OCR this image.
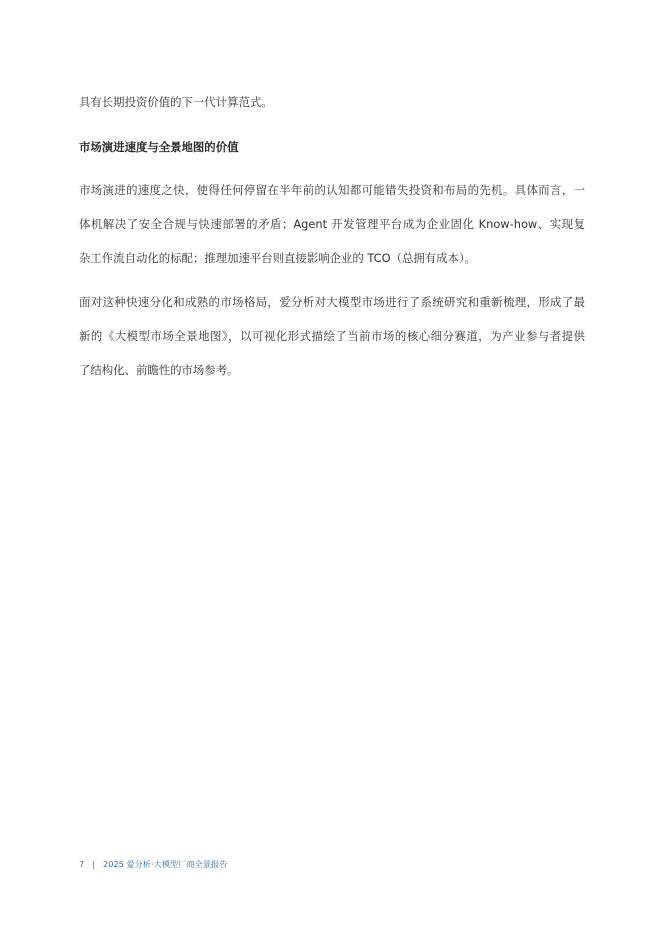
具有长期投资价值的下一代计算范式。
市场演进速度与全景地图的价值
市场演进的速度之快，使得任何停留在半年前的认知都可能错失投资和布局的先机。具体而言，一
体机解决了安全合规与快速部署的矛盾；Agent 开发管理平台成为企业固化 Know-how、实现复
杂工作流自动化的标配；推理加速平台则直接影响企业的 TCO（总拥有成本）。
面对这种快速分化和成熟的市场格局，爱分析对大模型市场进行了系统研究和重新梳理，形成了最
新的《大模型市场全景地图》，以可视化形式描绘了当前市场的核心细分赛道，为产业参与者提供
了结构化、前瞻性的市场参考。
7 | 2025 爱分析·大模型厂商全景报告
